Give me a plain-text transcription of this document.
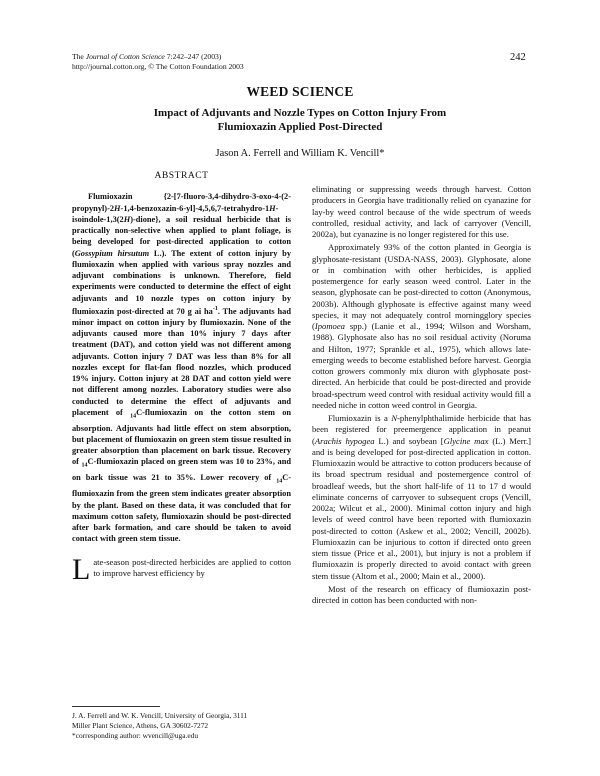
The Journal of Cotton Science 7:242–247 (2003)
http://journal.cotton.org, © The Cotton Foundation 2003
242
WEED SCIENCE
Impact of Adjuvants and Nozzle Types on Cotton Injury From
Flumioxazin Applied Post-Directed
Jason A. Ferrell and William K. Vencill*
ABSTRACT

Flumioxazin {2-[7-fluoro-3,4-dihydro-3-oxo-4-(2-propynyl)-2H-1,4-benzoxazin-6-yl]-4,5,6,7-tetrahydro-1H-isoindole-1,3(2H)-dione}, a soil residual herbicide that is practically non-selective when applied to plant foliage, is being developed for post-directed application to cotton (Gossypium hirsutum L.). The extent of cotton injury by flumioxazin when applied with various spray nozzles and adjuvant combinations is unknown. Therefore, field experiments were conducted to determine the effect of eight adjuvants and 10 nozzle types on cotton injury by flumioxazin post-directed at 70 g ai $ha^{-1}$. The adjuvants had minor impact on cotton injury by flumioxazin. None of the adjuvants caused more than 10% injury 7 days after treatment (DAT), and cotton yield was not different among adjuvants. Cotton injury 7 DAT was less than 8% for all nozzles except for flat-fan flood nozzles, which produced 19% injury. Cotton injury at 28 DAT and cotton yield were not different among nozzles. Laboratory studies were also conducted to determine the effect of adjuvants and placement of $_{14}$C-flumioxazin on the cotton stem on absorption. Adjuvants had little effect on stem absorption, but placement of flumioxazin on green stem tissue resulted in greater absorption than placement on bark tissue. Recovery of $_{14}$C-flumioxazin placed on green stem was 10 to 23%, and on bark tissue was 21 to 35%. Lower recovery of $_{14}$C-flumioxazin from the green stem indicates greater absorption by the plant. Based on these data, it was concluded that for maximum cotton safety, flumioxazin should be post-directed after bark formation, and care should be taken to avoid contact with green stem tissue.

Late-season post-directed herbicides are applied to cotton to improve harvest efficiency by

J. A. Ferrell and W. K. Vencill, University of Georgia, 3111
Miller Plant Science, Athens, GA 30602-7272
*corresponding author: wvencill@uga.edu

eliminating or suppressing weeds through harvest. Cotton producers in Georgia have traditionally relied on cyanazine for lay-by weed control because of the wide spectrum of weeds controlled, residual activity, and lack of carryover (Vencill, 2002a), but cyanazine is no longer registered for this use.

Approximately 93% of the cotton planted in Georgia is glyphosate-resistant (USDA-NASS, 2003). Glyphosate, alone or in combination with other herbicides, is applied postemergence for early season weed control. Later in the season, glyphosate can be post-directed to cotton (Anonymous, 2003b). Although glyphosate is effective against many weed species, it may not adequately control morningglory species (Ipomoea spp.) (Lanie et al., 1994; Wilson and Worsham, 1988). Glyphosate also has no soil residual activity (Noruma and Hilton, 1977; Sprankle et al., 1975), which allows late-emerging weeds to become established before harvest. Georgia cotton growers commonly mix diuron with glyphosate post-directed. An herbicide that could be post-directed and provide broad-spectrum weed control with residual activity would fill a needed niche in cotton weed control in Georgia.

Flumioxazin is a N-phenylphthalimide herbicide that has been registered for preemergence application in peanut (Arachis hypogea L.) and soybean [Glycine max (L.) Merr.] and is being developed for post-directed application in cotton. Flumioxazin would be attractive to cotton producers because of its broad spectrum residual and postemergence control of broadleaf weeds, but the short half-life of 11 to 17 d would eliminate concerns of carryover to subsequent crops (Vencill, 2002a; Wilcut et al., 2000). Minimal cotton injury and high levels of weed control have been reported with flumioxazin post-directed to cotton (Askew et al., 2002; Vencill, 2002b). Flumioxazin can be injurious to cotton if directed onto green stem tissue (Price et al., 2001), but injury is not a problem if flumioxazin is properly directed to avoid contact with green stem tissue (Altom et al., 2000; Main et al., 2000).

Most of the research on efficacy of flumioxazin post-directed in cotton has been conducted with non-
